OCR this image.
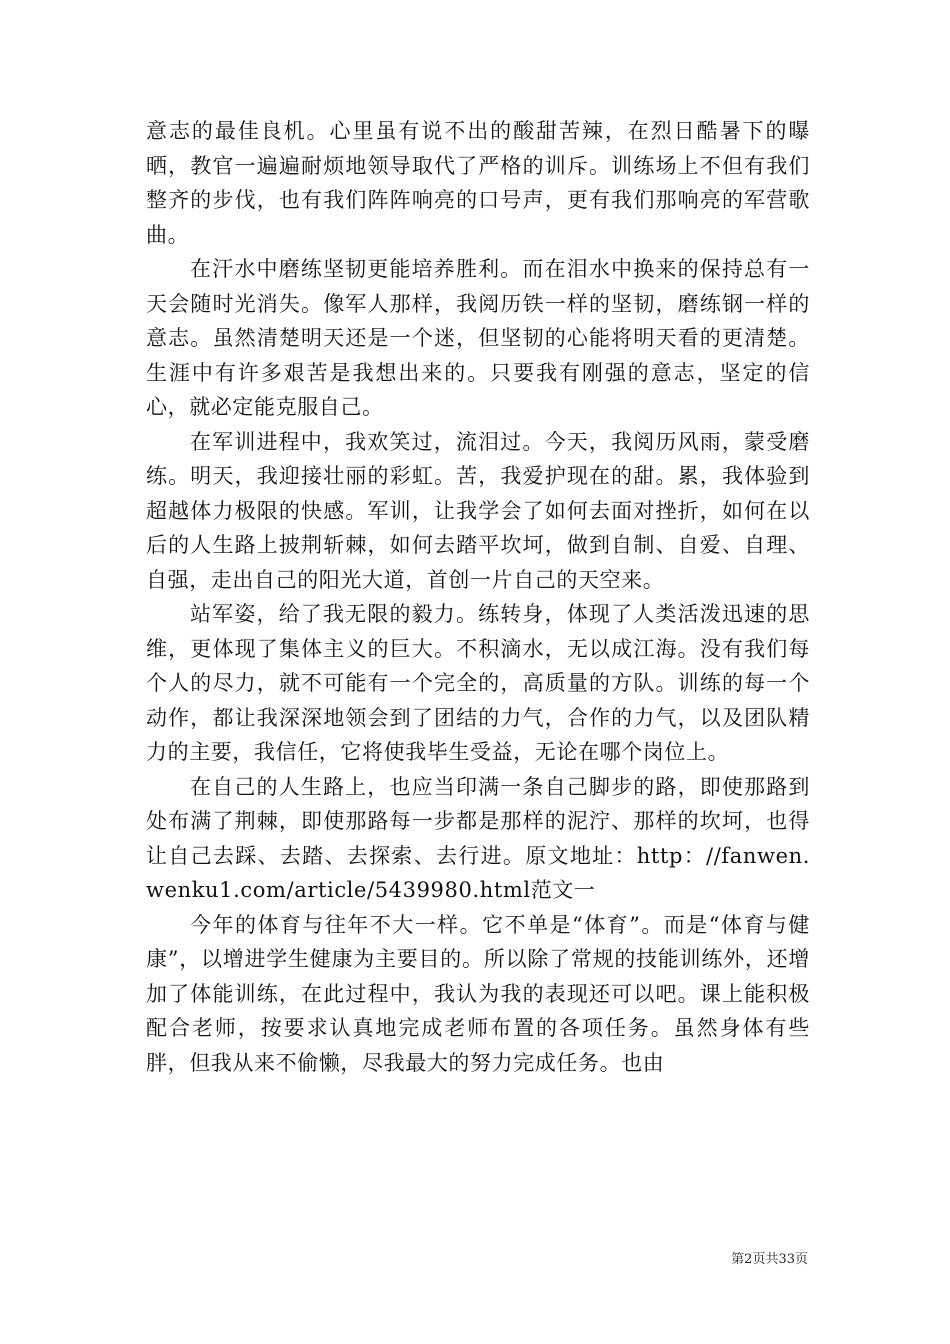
意志的最佳良机。心里虽有说不出的酸甜苦辣，在烈日酷暑下的曝晒，教官一遍遍耐烦地领导取代了严格的训斥。训练场上不但有我们整齐的步伐，也有我们阵阵响亮的口号声，更有我们那响亮的军营歌曲。

在汗水中磨练坚韧更能培养胜利。而在泪水中换来的保持总有一天会随时光消失。像军人那样，我阅历铁一样的坚韧，磨练钢一样的意志。虽然清楚明天还是一个迷，但坚韧的心能将明天看的更清楚。生涯中有许多艰苦是我想出来的。只要我有刚强的意志，坚定的信心，就必定能克服自己。

在军训进程中，我欢笑过，流泪过。今天，我阅历风雨，蒙受磨练。明天，我迎接壮丽的彩虹。苦，我爱护现在的甜。累，我体验到超越体力极限的快感。军训，让我学会了如何去面对挫折，如何在以后的人生路上披荆斩棘，如何去踏平坎坷，做到自制、自爱、自理、自强，走出自己的阳光大道，首创一片自己的天空来。

站军姿，给了我无限的毅力。练转身，体现了人类活泼迅速的思维，更体现了集体主义的巨大。不积滴水，无以成江海。没有我们每个人的尽力，就不可能有一个完全的，高质量的方队。训练的每一个动作，都让我深深地领会到了团结的力气，合作的力气，以及团队精力的主要，我信任，它将使我毕生受益，无论在哪个岗位上。

在自己的人生路上，也应当印满一条自己脚步的路，即使那路到处布满了荆棘，即使那路每一步都是那样的泥泞、那样的坎坷，也得让自己去踩、去踏、去探索、去行进。原文地址：http：//fanwen.wenku1.com/article/5439980.html范文一

今年的体育与往年不大一样。它不单是“体育”。而是“体育与健康”，以增进学生健康为主要目的。所以除了常规的技能训练外，还增加了体能训练，在此过程中，我认为我的表现还可以吧。课上能积极配合老师，按要求认真地完成老师布置的各项任务。虽然身体有些胖，但我从来不偷懒，尽我最大的努力完成任务。也由

第2页共33页
